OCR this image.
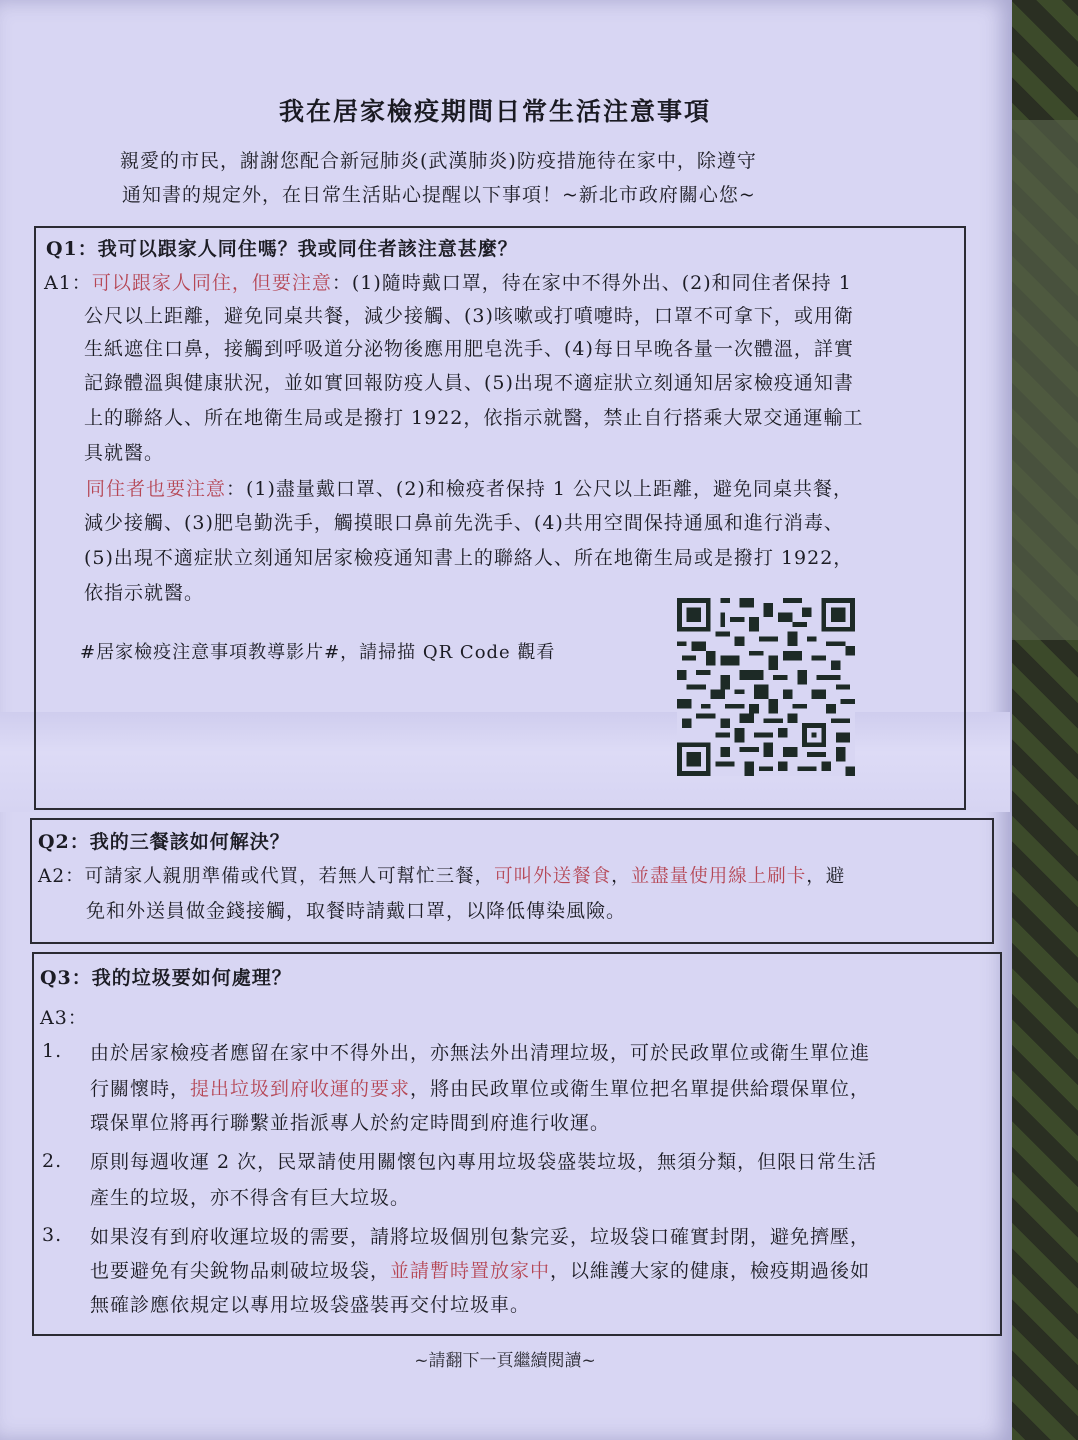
我在居家檢疫期間日常生活注意事項
親愛的市民，謝謝您配合新冠肺炎(武漢肺炎)防疫措施待在家中，除遵守
通知書的規定外，在日常生活貼心提醒以下事項！~新北市政府關心您~
Q1：我可以跟家人同住嗎？我或同住者該注意甚麼？
A1：可以跟家人同住，但要注意：(1)隨時戴口罩，待在家中不得外出、(2)和同住者保持 1
公尺以上距離，避免同桌共餐，減少接觸、(3)咳嗽或打噴嚏時，口罩不可拿下，或用衛
生紙遮住口鼻，接觸到呼吸道分泌物後應用肥皂洗手、(4)每日早晚各量一次體溫，詳實
記錄體溫與健康狀況，並如實回報防疫人員、(5)出現不適症狀立刻通知居家檢疫通知書
上的聯絡人、所在地衛生局或是撥打 1922，依指示就醫，禁止自行搭乘大眾交通運輸工
具就醫。
同住者也要注意：(1)盡量戴口罩、(2)和檢疫者保持 1 公尺以上距離，避免同桌共餐，
減少接觸、(3)肥皂勤洗手，觸摸眼口鼻前先洗手、(4)共用空間保持通風和進行消毒、
(5)出現不適症狀立刻通知居家檢疫通知書上的聯絡人、所在地衛生局或是撥打 1922，
依指示就醫。
#居家檢疫注意事項教導影片#，請掃描 QR Code 觀看
Q2：我的三餐該如何解決？
A2：可請家人親朋準備或代買，若無人可幫忙三餐，可叫外送餐食，並盡量使用線上刷卡，避
免和外送員做金錢接觸，取餐時請戴口罩，以降低傳染風險。
Q3：我的垃圾要如何處理？
A3：
1. 由於居家檢疫者應留在家中不得外出，亦無法外出清理垃圾，可於民政單位或衛生單位進
行關懷時，提出垃圾到府收運的要求，將由民政單位或衛生單位把名單提供給環保單位，
環保單位將再行聯繫並指派專人於約定時間到府進行收運。
2. 原則每週收運 2 次，民眾請使用關懷包內專用垃圾袋盛裝垃圾，無須分類，但限日常生活
產生的垃圾，亦不得含有巨大垃圾。
3. 如果沒有到府收運垃圾的需要，請將垃圾個別包紮完妥，垃圾袋口確實封閉，避免擠壓，
也要避免有尖銳物品刺破垃圾袋，並請暫時置放家中，以維護大家的健康，檢疫期過後如
無確診應依規定以專用垃圾袋盛裝再交付垃圾車。
~請翻下一頁繼續閱讀~
